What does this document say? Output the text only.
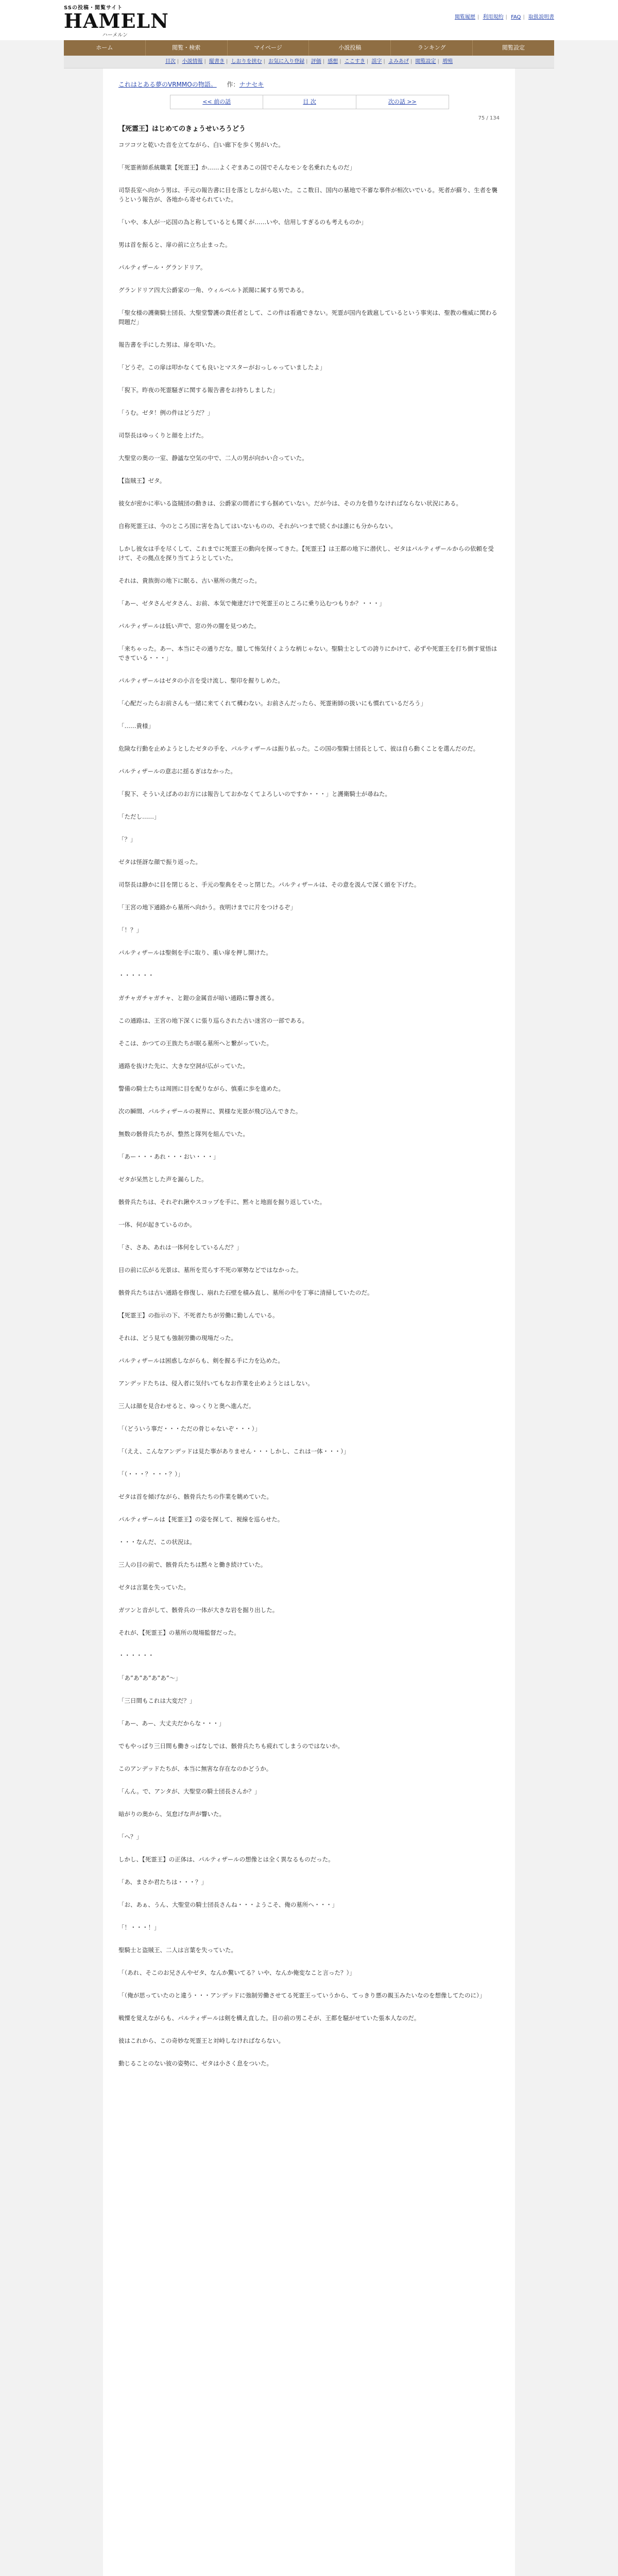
SSの投稿・閲覧サイト
HAMELN
ハーメルン
閲覧履歴 | 利用規約 | FAQ | 取扱説明書
ホーム	閲覧・検索	マイページ	小説投稿	ランキング	閲覧設定
目次 | 小説情報 | 縦書き | しおりを挟む | お気に入り登録 | 評価 | 感想 | ここすき | 誤字 | よみあげ | 閲覧設定 | 増殖
これはとある夢のVRMMOの物語。 作：ナナセキ
<< 前の話	目 次	次の話 >>
75 / 134
【死霊王】はじめてのきょうせいろうどう

コツコツと乾いた音を立てながら、白い廊下を歩く男がいた。

「死霊術師系統職業【死霊王】か……よくぞまあこの国でそんなモンを名乗れたものだ」

司祭長室へ向かう男は、手元の報告書に目を落としながら呟いた。ここ数日、国内の墓地で不審な事件が相次いでいる。死者が蘇り、生者を襲うという報告が、各地から寄せられていた。

「いや、本人が一応国の為と称しているとも聞くが……いや、信用しすぎるのも考えものか」

男は首を振ると、扉の前に立ち止まった。

パルティザール・グランドリア。

グランドリア四大公爵家の一角、ウィルベルト派閥に属する男である。

「聖女様の護衛騎士団長、大聖堂警護の責任者として、この件は看過できない。死霊が国内を跋扈しているという事実は、聖教の権威に関わる問題だ」

報告書を手にした男は、扉を叩いた。

「どうぞ。この扉は叩かなくても良いとマスターがおっしゃっていましたよ」

「猊下。昨夜の死霊騒ぎに関する報告書をお持ちしました」

「うむ。ゼタ！例の件はどうだ？」

司祭長はゆっくりと顔を上げた。

大聖堂の奥の一室、静謐な空気の中で、二人の男が向かい合っていた。

【盗賊王】ゼタ。

彼女が密かに率いる盗賊団の動きは、公爵家の間者にすら掴めていない。だが今は、その力を借りなければならない状況にある。

自称死霊王は、今のところ国に害を為してはいないものの、それがいつまで続くかは誰にも分からない。

しかし彼女は手を尽くして、これまでに死霊王の動向を探ってきた。【死霊王】は王都の地下に潜伏し、ゼタはパルティザールからの依頼を受けて、その拠点を探り当てようとしていた。

それは、貴族街の地下に眠る、古い墓所の奥だった。

「あー、ゼタさんゼタさん、お前、本気で俺達だけで死霊王のところに乗り込むつもりか？・・・」

パルティザールは低い声で、窓の外の闇を見つめた。

「来ちゃった。あー、本当にその通りだな。臆して怖気付くような柄じゃない。聖騎士としての誇りにかけて、必ずや死霊王を打ち倒す覚悟はできている・・・」

パルティザールはゼタの小言を受け流し、聖印を握りしめた。

「心配だったらお前さんも一緒に来てくれて構わない。お前さんだったら、死霊術師の扱いにも慣れているだろう」

「……貴様」

危険な行動を止めようとしたゼタの手を、パルティザールは振り払った。この国の聖騎士団長として、彼は自ら動くことを選んだのだ。

パルティザールの意志に揺るぎはなかった。

「猊下、そういえばあのお方には報告しておかなくてよろしいのですか・・・」と護衛騎士が尋ねた。

「ただし……」

「？」

ゼタは怪訝な顔で振り返った。

司祭長は静かに目を閉じると、手元の聖典をそっと閉じた。パルティザールは、その意を汲んで深く頭を下げた。

「王宮の地下通路から墓所へ向かう。夜明けまでに片をつけるぞ」

「！？」

パルティザールは聖剣を手に取り、重い扉を押し開けた。

・・・・・・

ガチャガチャガチャ、と鎧の金属音が暗い通路に響き渡る。

この通路は、王宮の地下深くに張り巡らされた古い迷宮の一部である。

そこは、かつての王族たちが眠る墓所へと繋がっていた。

通路を抜けた先に、大きな空洞が広がっていた。

警備の騎士たちは周囲に目を配りながら、慎重に歩を進めた。

次の瞬間、パルティザールの視界に、異様な光景が飛び込んできた。

無数の骸骨兵たちが、整然と隊列を組んでいた。

「あー・・・あれ・・・おい・・・」

ゼタが呆然とした声を漏らした。

骸骨兵たちは、それぞれ鍬やスコップを手に、黙々と地面を掘り返していた。

一体、何が起きているのか。

「さ、さあ、あれは一体何をしているんだ？」

目の前に広がる光景は、墓所を荒らす不死の軍勢などではなかった。

骸骨兵たちは古い通路を修復し、崩れた石壁を積み直し、墓所の中を丁寧に清掃していたのだ。

【死霊王】の指示の下、不死者たちが労働に勤しんでいる。

それは、どう見ても強制労働の現場だった。

パルティザールは困惑しながらも、剣を握る手に力を込めた。

アンデッドたちは、侵入者に気付いてもなお作業を止めようとはしない。

三人は顔を見合わせると、ゆっくりと奥へ進んだ。

「（どういう事だ・・・ただの骨じゃないぞ・・・）」

「（ええ、こんなアンデッドは見た事がありません・・・しかし、これは一体・・・）」

「（・・・？・・・？）」

ゼタは首を傾げながら、骸骨兵たちの作業を眺めていた。

パルティザールは【死霊王】の姿を探して、視線を巡らせた。

・・・なんだ、この状況は。

三人の目の前で、骸骨兵たちは黙々と働き続けていた。

ゼタは言葉を失っていた。

ガツンと音がして、骸骨兵の一体が大きな岩を掘り出した。

それが、【死霊王】の墓所の現場監督だった。

・・・・・・

「あ”あ”あ”あ”あ”～」

「三日間もこれは大変だ？」

「あー、あー、大丈夫だからな・・・」

でもやっぱり三日間も働きっぱなしでは、骸骨兵たちも疲れてしまうのではないか。

このアンデッドたちが、本当に無害な存在なのかどうか。

「んん。で、アンタが、大聖堂の騎士団長さんか？」

暗がりの奥から、気怠げな声が響いた。

「へ？」

しかし、【死霊王】の正体は、パルティザールの想像とは全く異なるものだった。

「あ、まさか君たちは・・・？」

「お、あぁ、うん、大聖堂の騎士団長さんね・・・ようこそ、俺の墓所へ・・・」

「！・・・！」

聖騎士と盗賊王、二人は言葉を失っていた。

「（あれ、そこのお兄さんやゼタ、なんか驚いてる？いや、なんか俺変なこと言った？）」

「（俺が思っていたのと違う・・・アンデッドに強制労働させてる死霊王っていうから、てっきり悪の親玉みたいなのを想像してたのに）」

戦慄を覚えながらも、パルティザールは剣を構え直した。目の前の男こそが、王都を騒がせていた張本人なのだ。

彼はこれから、この奇妙な死霊王と対峙しなければならない。

動じることのない彼の姿勢に、ゼタは小さく息をついた。
